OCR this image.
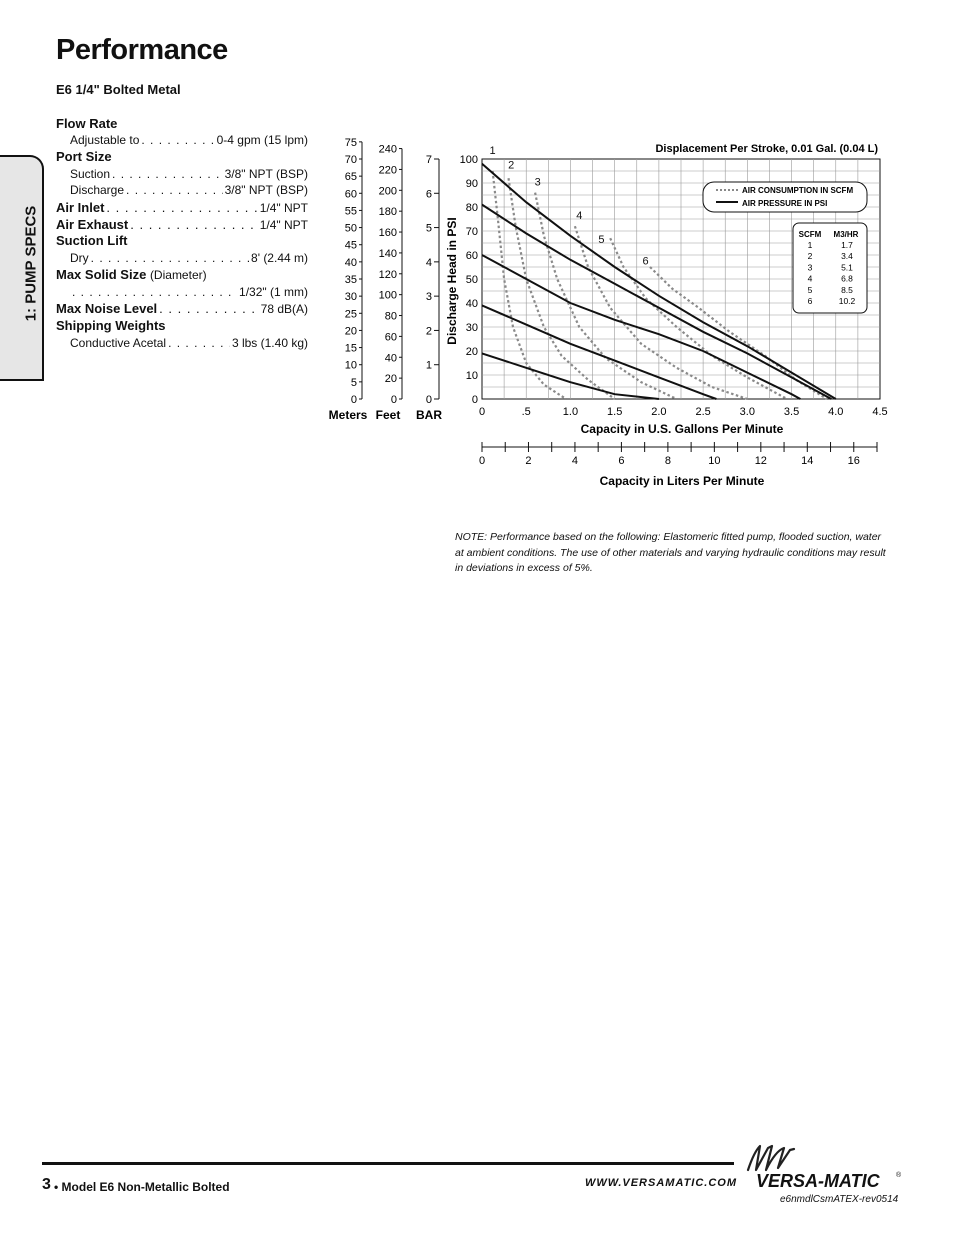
Performance
E6 1/4" Bolted Metal
1: PUMP SPECS
Flow Rate
Adjustable to . . .	0-4 gpm (15 lpm)
Port Size
Suction . . .	3/8" NPT (BSP)
Discharge . . .	3/8" NPT (BSP)
Air Inlet . . .	1/4" NPT
Air Exhaust . . .	1/4" NPT
Suction Lift
Dry . . .	8' (2.44 m)
Max Solid Size (Diameter)
. . .
1/32" (1 mm)
Max Noise Level . . .	78 dB(A)
Shipping Weights
Conductive Acetal . . .	3 lbs (1.40 kg)
Displacement Per Stroke, 0.01 Gal. (0.04 L)
75
70
65
60
55
50
45
40
35
30
25
20
15
10
5
0
Meters
240
220
200
180
160
140
120
100
80
60
40
20
0
Feet
7
6
5
4
3
2
1
0
BAR	0	.5	1.0	1.5	2.0	2.5	3.0	3.5	4.0	4.5
0
10
20
30
40
50
60
70
80
90
100
0	2	4	6	8	10	12	14	16
1
2
3
4
5
6
AIR CONSUMPTION IN SCFM
AIR PRESSURE IN PSI
SCFM M3/HR
1	1.7
2	3.4
3	5.1
4	6.8
5	8.5
6	10.2
Capacity in U.S. Gallons Per Minute
Capacity in Liters Per Minute
Discharge Head in PSI
NOTE: Performance based on the following: Elastomeric fitted pump, flooded suction, water at ambient conditions. The use of other materials and varying hydraulic conditions may result in deviations in excess of 5%.
3 • Model E6 Non-Metallic Bolted	WWW.VERSAMATIC.COM VERSA-MATIC ®
e6nmdlCsmATEX-rev0514
